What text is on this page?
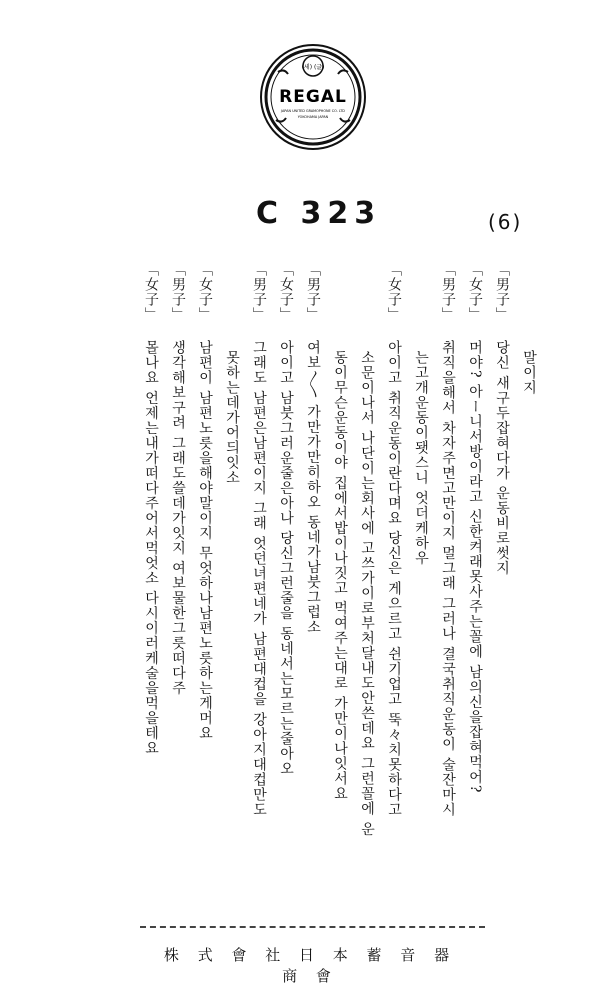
(세) (글)
REGAL
JAPAN UNITED GRAMOPHONE CO. LTD
YOKOHAMA JAPAN
C 323	(6)
말이지
「男子」
당신 새구두잡혀다가 운동비로썻지
「女子」
머야? 아ー니서방이라고 신한켜래못사주는꼴에 남의신을잡혀먹어?
「男子」
취직을해서 차자주면고만이지 멀그래 그러나 결국취직운동이 술잔마시
는고개운동이됏스니 엇더케하우
「女子」
아이고 취직운동이란다며요 당신은 게으르고 쉰기업고 뚝々치못하다고
소문이나서 나단이는회사에 고쓰가이로부처달내도안쓴데요 그런꼴에 운
동이무슨운동이야 집에서밥이나짓고 먹여주는대로 가만이나잇서요
「男子」
여보〳〵 가만가만히하오 동네가남붓그럽소
「女子」
아이고 남붓그러운줄은아나 당신그런줄을 동네서는모르는줄아오
「男子」
그래도 남편은남편이지 그래 엇던녀편네가 남편대컵을 강아지대컵만도
못하는데가어듸잇소
「女子」
남편이 남편노릇을해야말이지 무엇하나남편노릇하는게머요
「男子」
생각해보구려 그래도쓸데가잇지 여보물한그릇떠다주
「女子」
몰나요 언제는내가떠다주어서먹엇소 다시이러케술을먹을테요
株 式 會 社 日 本 蓄 音 器 商 會
